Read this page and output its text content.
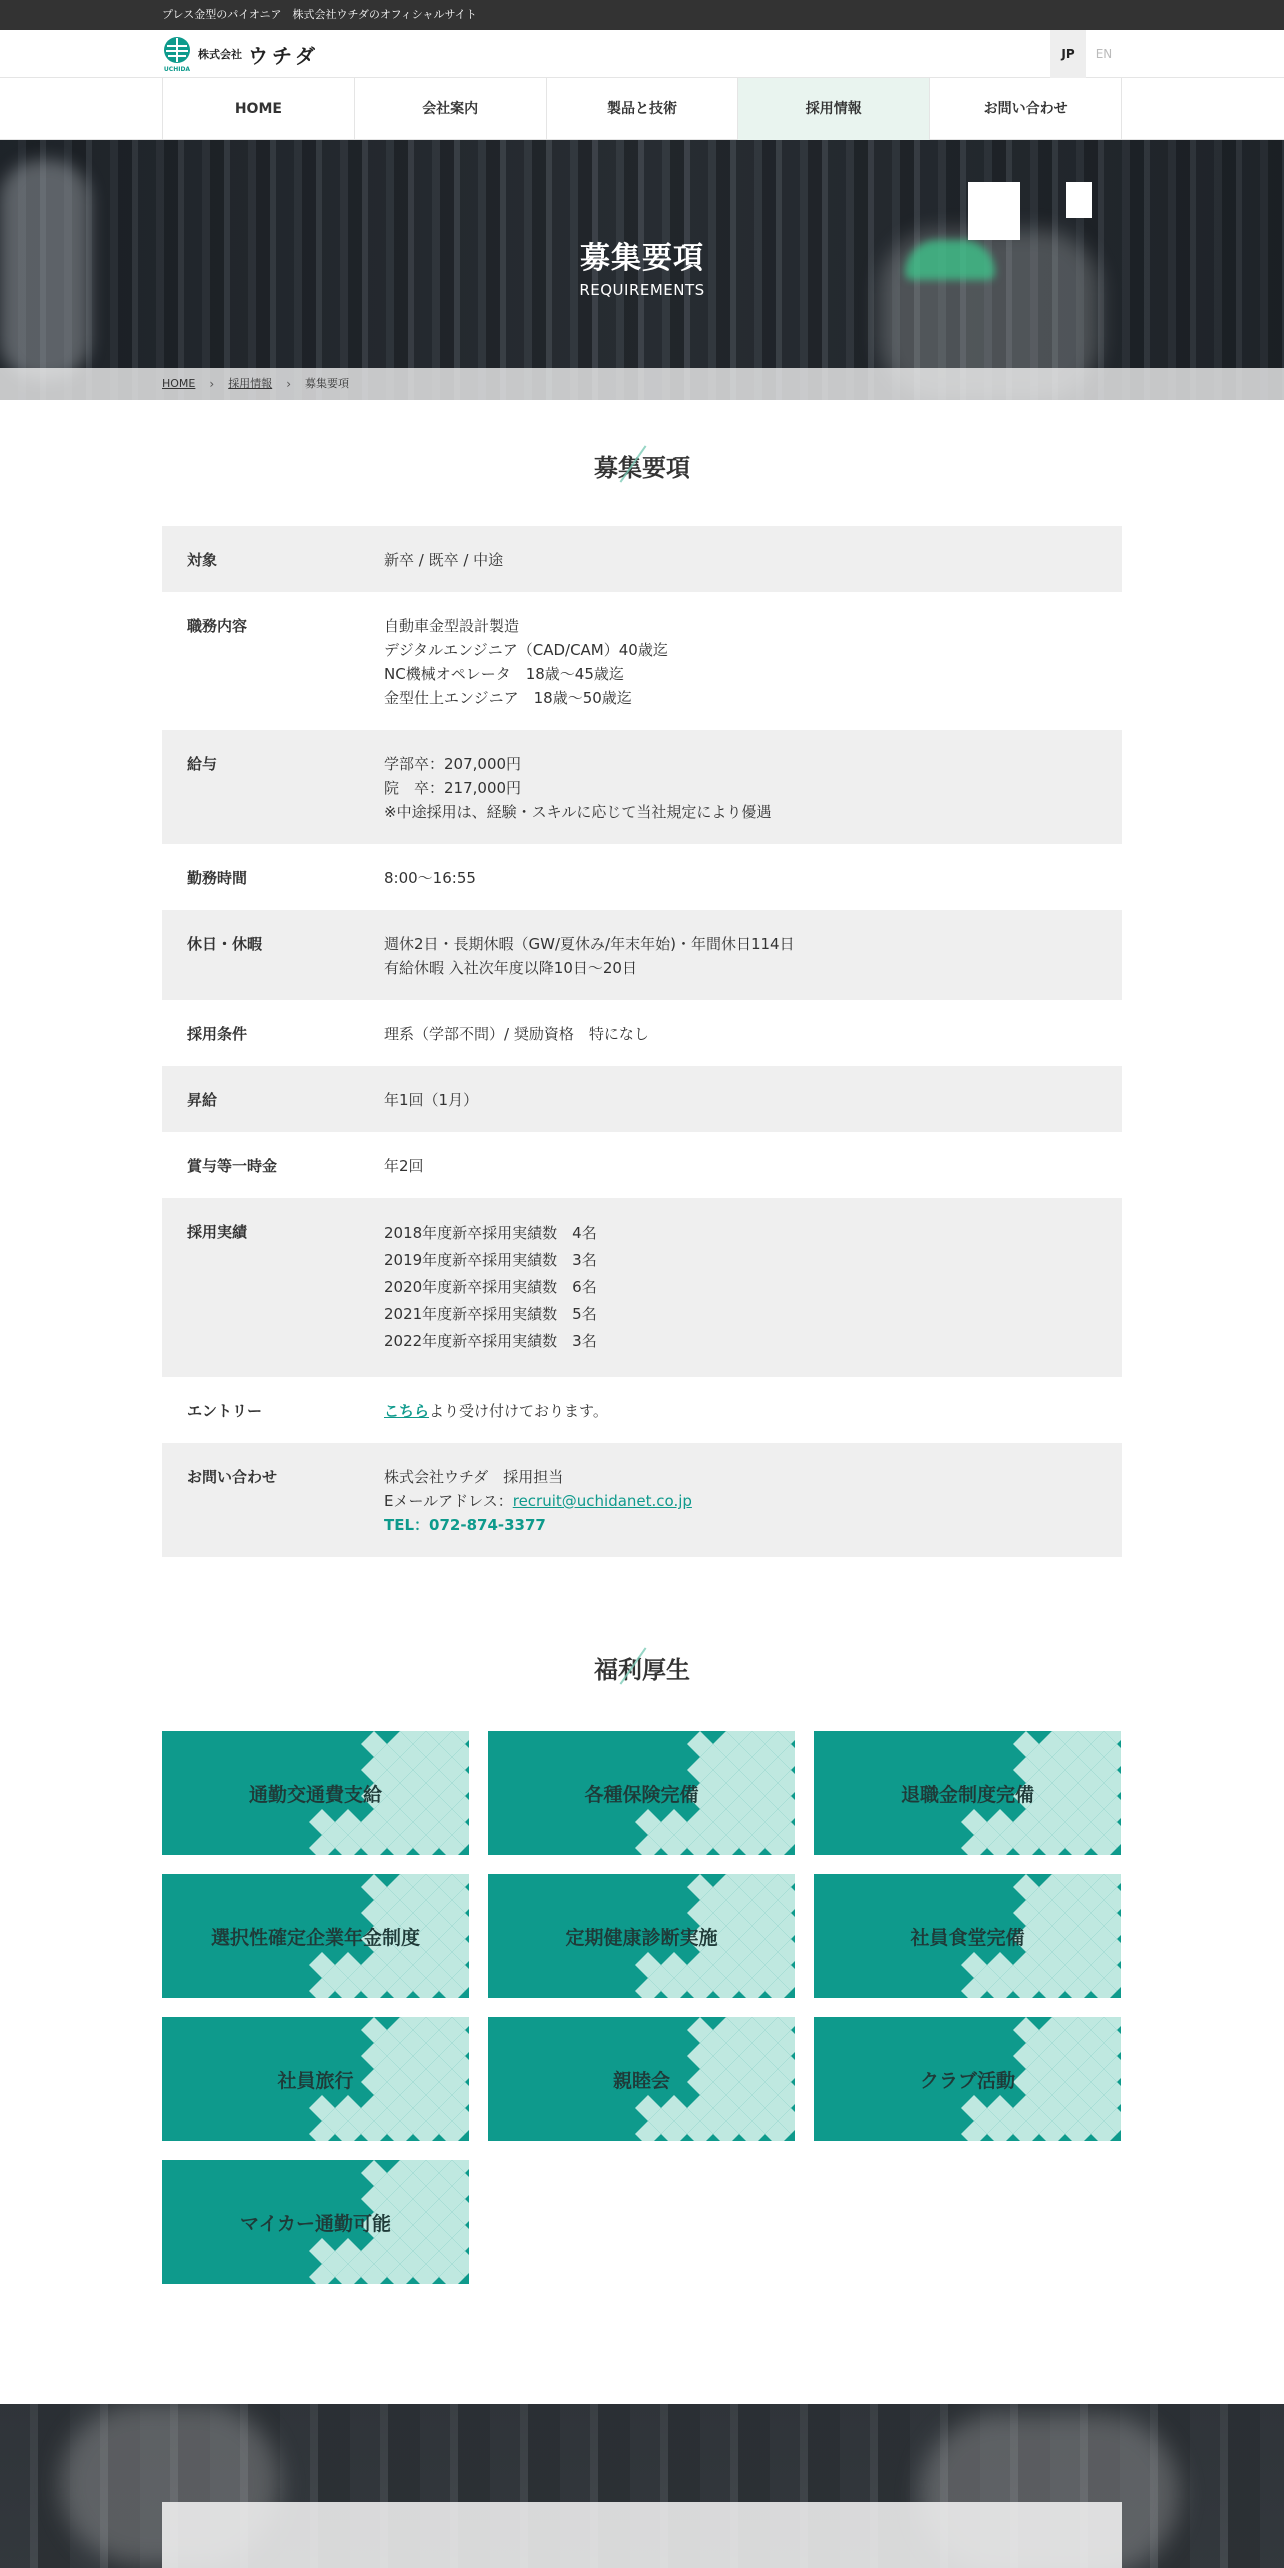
プレス金型のパイオニア　株式会社ウチダのオフィシャルサイト
UCHIDA
株式会社 ウチダ	JP	EN
HOME	会社案内	製品と技術	採用情報	お問い合わせ
募集要項
REQUIREMENTS
HOME › 採用情報 › 募集要項
募集要項
対象	新卒 / 既卒 / 中途
職務内容	自動車金型設計製造
デジタルエンジニア（CAD/CAM）40歳迄
NC機械オペレータ　18歳〜45歳迄
金型仕上エンジニア　18歳〜50歳迄
給与	学部卒：207,000円
院　卒：217,000円
※中途採用は、経験・スキルに応じて当社規定により優遇
勤務時間	8:00〜16:55
休日・休暇	週休2日・長期休暇（GW/夏休み/年末年始)・年間休日114日
有給休暇 入社次年度以降10日〜20日
採用条件	理系（学部不問）/ 奨励資格　特になし
昇給	年1回（1月）
賞与等一時金	年2回
採用実績	2018年度新卒採用実績数　4名
2019年度新卒採用実績数　3名
2020年度新卒採用実績数　6名
2021年度新卒採用実績数　5名
2022年度新卒採用実績数　3名
エントリー	こちらより受け付けております。
お問い合わせ	株式会社ウチダ　採用担当
Eメールアドレス：recruit@uchidanet.co.jp
TEL：072-874-3377
福利厚生
通勤交通費支給	各種保険完備	退職金制度完備
選択性確定企業年金制度	定期健康診断実施	社員食堂完備
社員旅行	親睦会	クラブ活動
マイカー通勤可能
